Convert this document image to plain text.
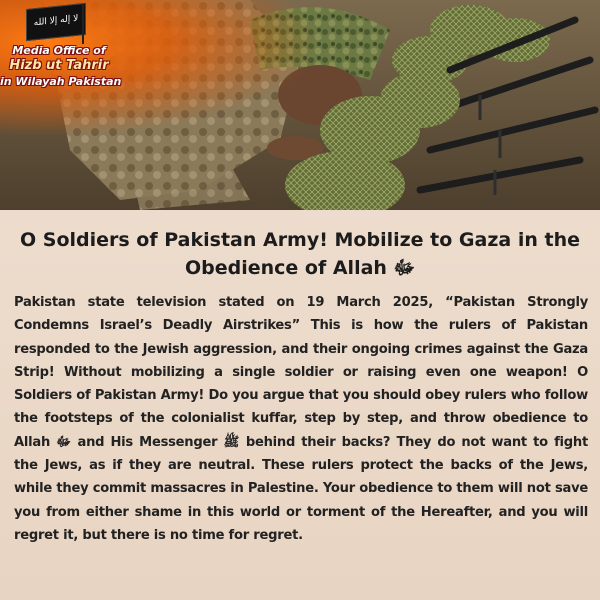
لا إله إلا الله
Media Office of
Hizb ut Tahrir
in Wilayah Pakistan
O Soldiers of Pakistan Army! Mobilize to Gaza in the Obedience of Allah ﷻ

Pakistan state television stated on 19 March 2025, “Pakistan Strongly Condemns Israel’s Deadly Airstrikes” This is how the rulers of Pakistan responded to the Jewish aggression, and their ongoing crimes against the Gaza Strip! Without mobilizing a single soldier or raising even one weapon! O Soldiers of Pakistan Army! Do you argue that you should obey rulers who follow the footsteps of the colonialist kuffar, step by step, and throw obedience to Allah ﷻ and His Messenger ﷺ behind their backs? They do not want to fight the Jews, as if they are neutral. These rulers protect the backs of the Jews, while they commit massacres in Palestine. Your obedience to them will not save you from either shame in this world or torment of the Hereafter, and you will regret it, but there is no time for regret.
